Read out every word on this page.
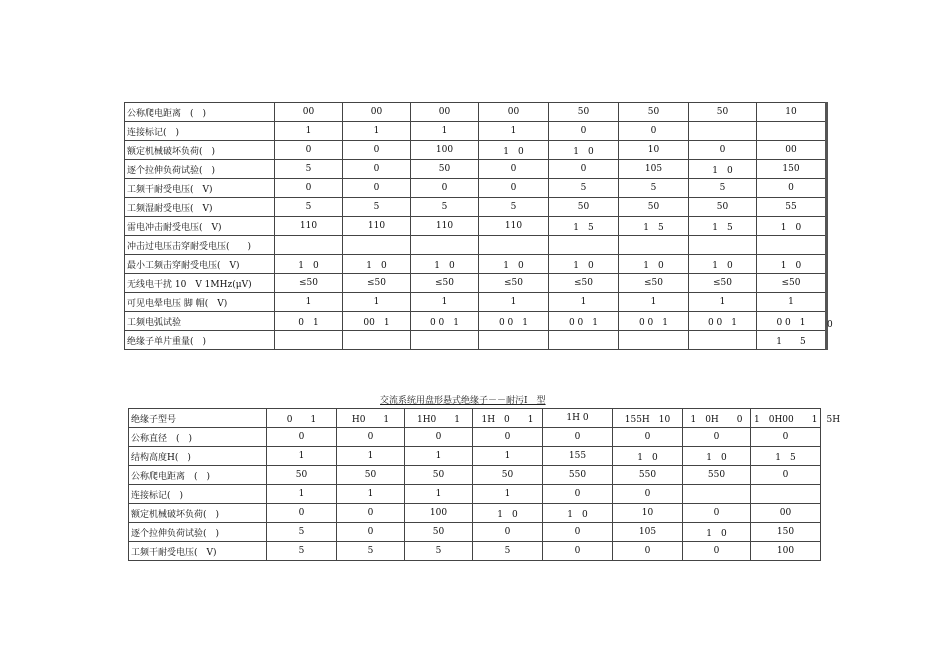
公称爬电距离　(　)	00	00	00	00	50	50	50	10
连接标记(　)	1	1	1	1	0	0		
额定机械破坏负荷(　)	0	0	100	1　0	1　0	10	0	00
逐个拉伸负荷试验(　)	5	0	50	0	0	105	1　0	150
工频干耐受电压(　V)	0	0	0	0	5	5	5	0
工频湿耐受电压(　V)	5	5	5	5	50	50	50	55
雷电冲击耐受电压(　V)	110	110	110	110	1　5	1　5	1　5	1　0
冲击过电压击穿耐受电压(　　)								
最小工频击穿耐受电压(　V)	1　0	1　0	1　0	1　0	1　0	1　0	1　0	1　0
无线电干扰 10　V 1MHz(μV)	≤50	≤50	≤50	≤50	≤50	≤50	≤50	≤50
可见电晕电压 脚 帽(　V)	1	1	1	1	1	1	1	1
工频电弧试验	0　1	00　1	0 0　1	0 0　1	0 0　1	0 0　1	0 0　1	0 0　1
绝缘子单片重量(　)								1　　5
0
交流系统用盘形悬式绝缘子－－耐污Ⅰ　型
绝缘子型号	0　　1	H0　　1	1H0　　1	1H　0　　1	1H 0	155H　10	1　0H　　0	1　0H00　　1　5H
公称直径　(　)	0	0	0	0	0	0	0	0
结构高度H(　)	1	1	1	1	155	1　0	1　0	1　5
公称爬电距离　(　)	50	50	50	50	550	550	550	0
连接标记(　)	1	1	1	1	0	0		
额定机械破坏负荷(　)	0	0	100	1　0	1　0	10	0	00
逐个拉伸负荷试验(　)	5	0	50	0	0	105	1　0	150
工频干耐受电压(　V)	5	5	5	5	0	0	0	100
